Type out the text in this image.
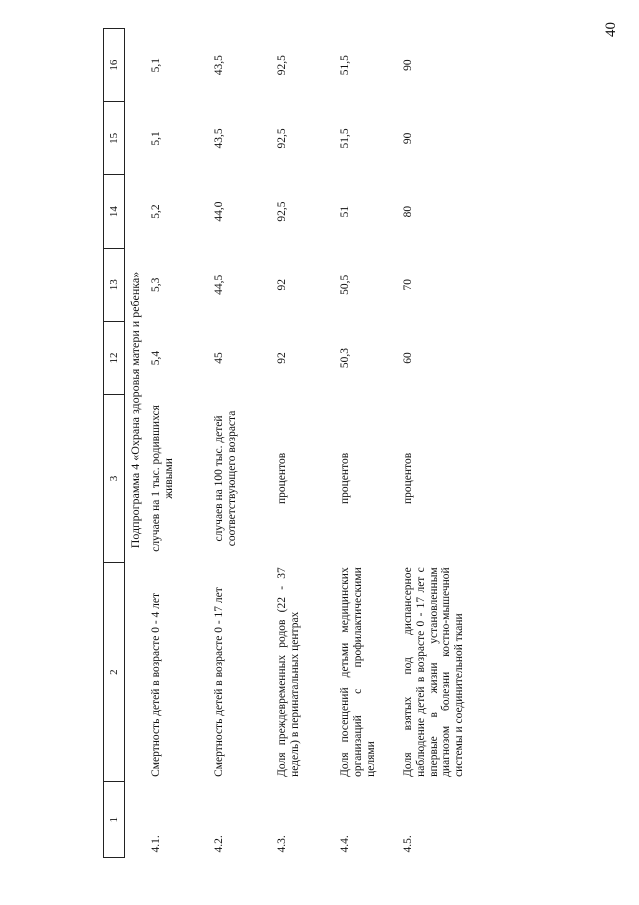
40
1	2	3	12	13	14	15	16
		Подпрограмма 4 «Охрана здоровья матери и ребенка»					
4.1.	Смертность детей в возрасте 0 - 4 лет	случаев на 1 тыс. родившихся живыми	5,4	5,3	5,2	5,1	5,1
4.2.	Смертность детей в возрасте 0 - 17 лет	случаев на 100 тыс. детей соответствующего возраста	45	44,5	44,0	43,5	43,5
4.3.	Доля преждевременных родов (22 - 37 недель) в перинатальных центрах	процентов	92	92	92,5	92,5	92,5
4.4.	Доля посещений детьми медицинских организаций с профилактическими целями	процентов	50,3	50,5	51	51,5	51,5
4.5.	Доля взятых под диспансерное наблюдение детей в возрасте 0 - 17 лет с впервые в жизни установленным диагнозом болезни костно-мышечной системы и соединительной ткани	процентов	60	70	80	90	90
